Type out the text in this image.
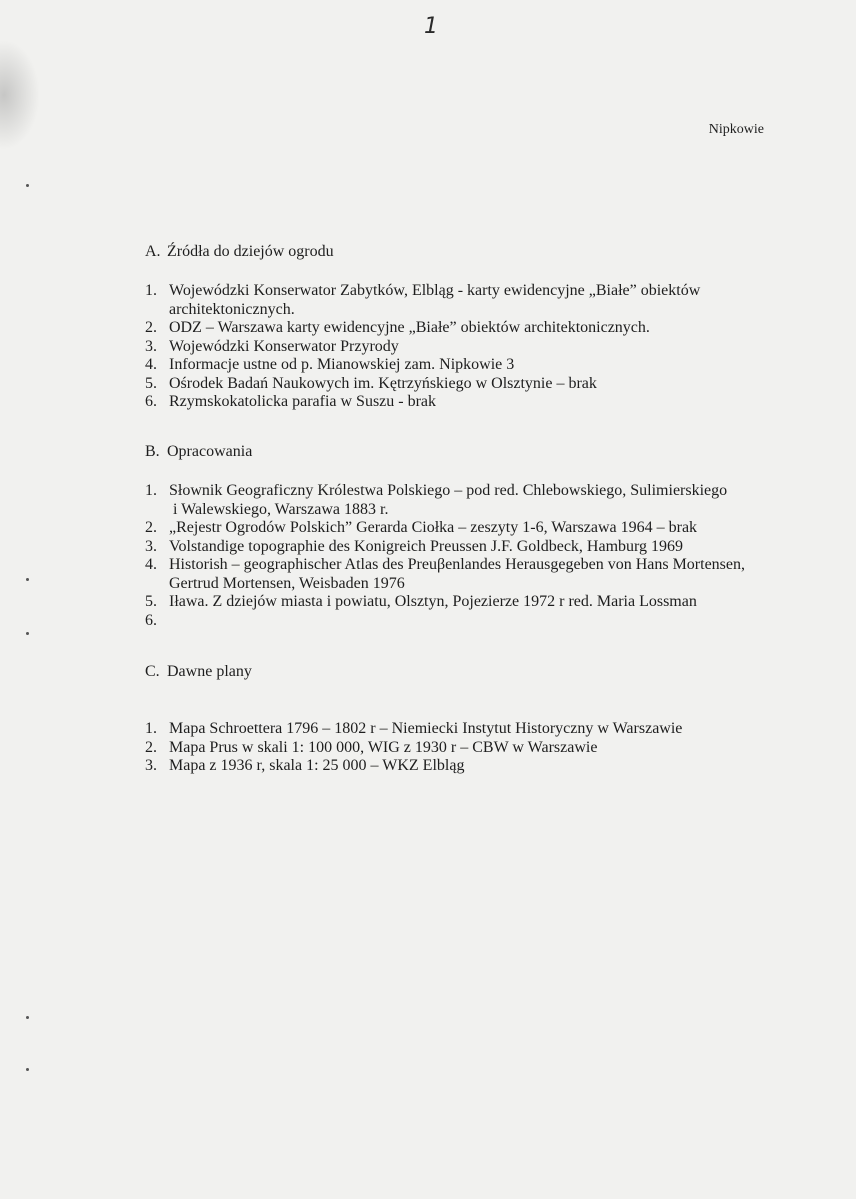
1
Nipkowie
A. Źródła do dziejów ogrodu
1. Wojewódzki Konserwator Zabytków, Elbląg - karty ewidencyjne „Białe” obiektów
architektonicznych.
2. ODZ – Warszawa karty ewidencyjne „Białe” obiektów architektonicznych.
3. Wojewódzki Konserwator Przyrody
4. Informacje ustne od p. Mianowskiej zam. Nipkowie 3
5. Ośrodek Badań Naukowych im. Kętrzyńskiego w Olsztynie – brak
6. Rzymskokatolicka parafia w Suszu - brak
B. Opracowania
1. Słownik Geograficzny Królestwa Polskiego – pod red. Chlebowskiego, Sulimierskiego
i Walewskiego, Warszawa 1883 r.
2. „Rejestr Ogrodów Polskich” Gerarda Ciołka – zeszyty 1-6, Warszawa 1964 – brak
3. Volstandige topographie des Konigreich Preussen J.F. Goldbeck, Hamburg 1969
4. Historish – geographischer Atlas des Preuβenlandes Herausgegeben von Hans Mortensen,
Gertrud Mortensen, Weisbaden 1976
5. Iława. Z dziejów miasta i powiatu, Olsztyn, Pojezierze 1972 r red. Maria Lossman
6.
C. Dawne plany
1. Mapa Schroettera 1796 – 1802 r – Niemiecki Instytut Historyczny w Warszawie
2. Mapa Prus w skali 1: 100 000, WIG z 1930 r – CBW w Warszawie
3. Mapa z 1936 r, skala 1: 25 000 – WKZ Elbląg
